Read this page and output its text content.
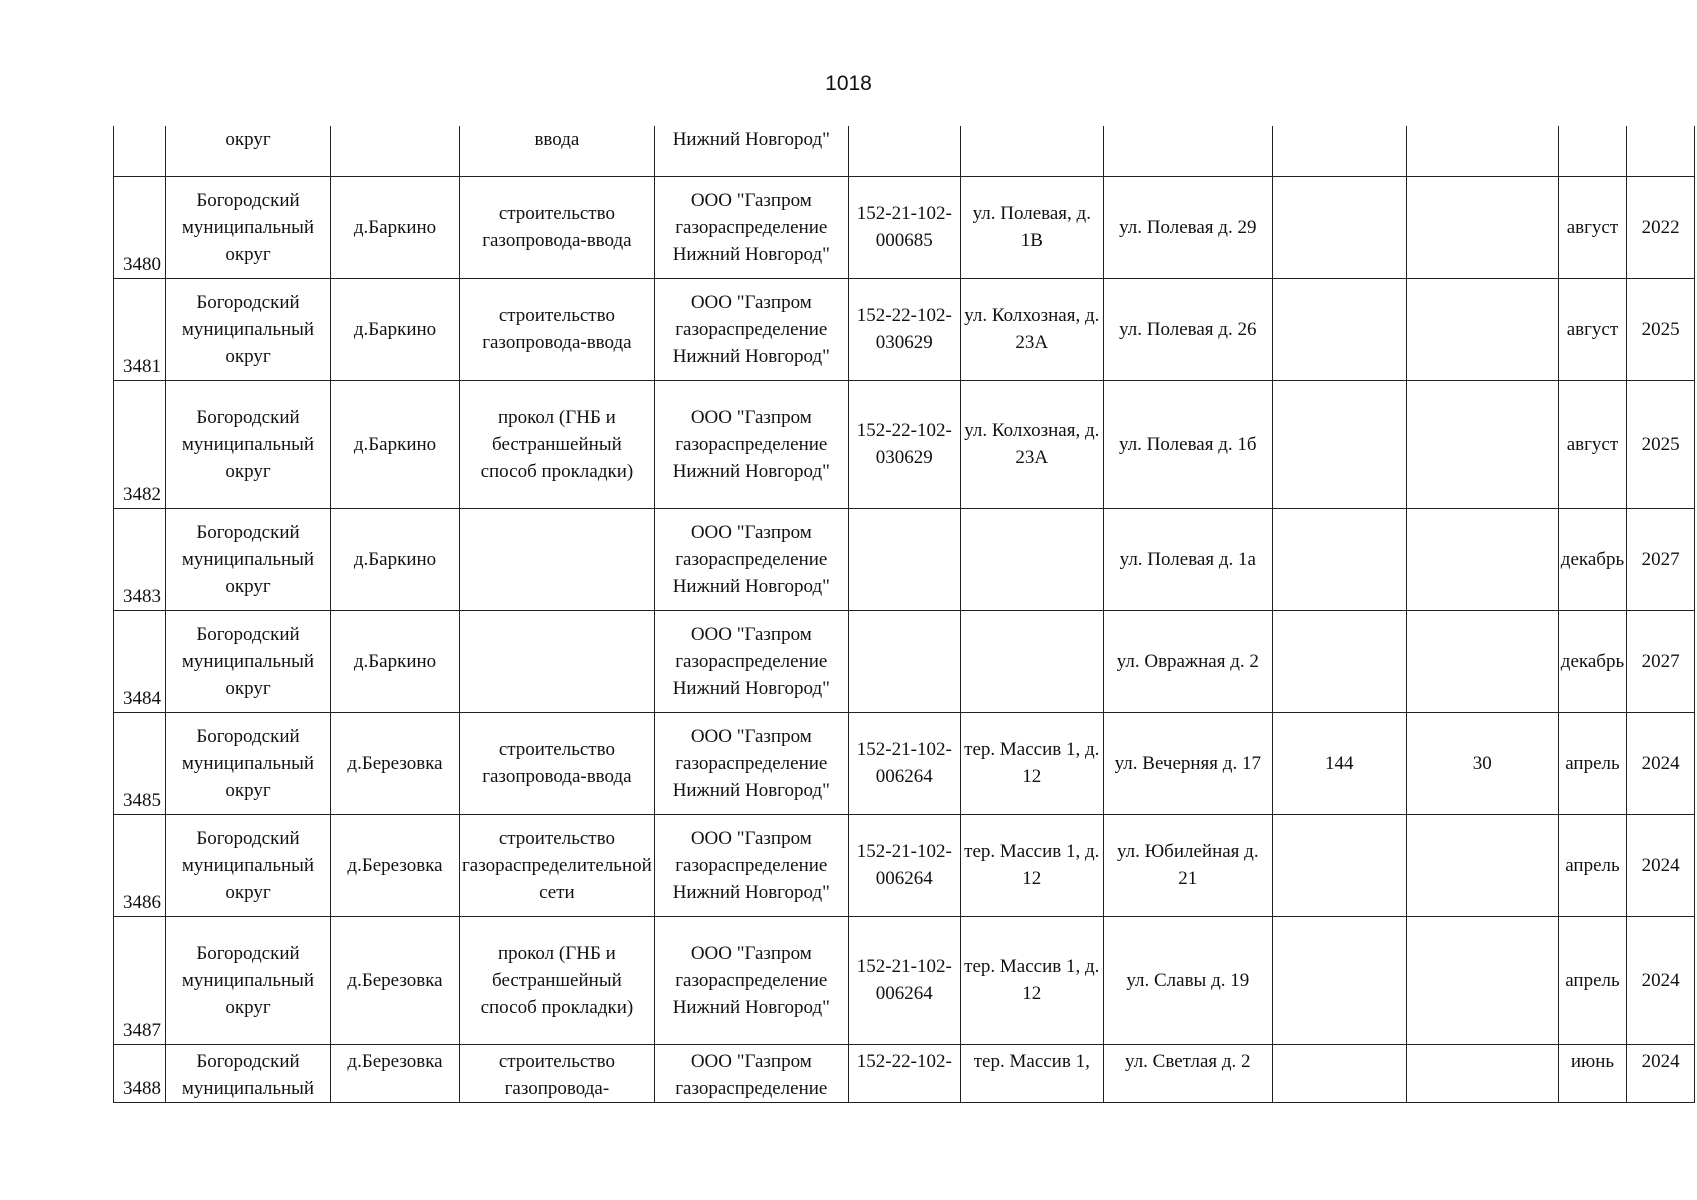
1018
	округ		ввода	Нижний Новгород"							
3480	Богородский муниципальный округ	д.Баркино	строительство газопровода-ввода	ООО "Газпром газораспределение Нижний Новгород"	152-21-102-000685	ул. Полевая, д. 1В	ул. Полевая д. 29			август	2022
3481	Богородский муниципальный округ	д.Баркино	строительство газопровода-ввода	ООО "Газпром газораспределение Нижний Новгород"	152-22-102-030629	ул. Колхозная, д. 23А	ул. Полевая д. 26			август	2025
3482	Богородский муниципальный округ	д.Баркино	прокол (ГНБ и бестраншейный способ прокладки)	ООО "Газпром газораспределение Нижний Новгород"	152-22-102-030629	ул. Колхозная, д. 23А	ул. Полевая д. 1б			август	2025
3483	Богородский муниципальный округ	д.Баркино		ООО "Газпром газораспределение Нижний Новгород"			ул. Полевая д. 1а			декабрь	2027
3484	Богородский муниципальный округ	д.Баркино		ООО "Газпром газораспределение Нижний Новгород"			ул. Овражная д. 2			декабрь	2027
3485	Богородский муниципальный округ	д.Березовка	строительство газопровода-ввода	ООО "Газпром газораспределение Нижний Новгород"	152-21-102-006264	тер. Массив 1, д. 12	ул. Вечерняя д. 17	144	30	апрель	2024
3486	Богородский муниципальный округ	д.Березовка	строительство газораспределительной сети	ООО "Газпром газораспределение Нижний Новгород"	152-21-102-006264	тер. Массив 1, д. 12	ул. Юбилейная д. 21			апрель	2024
3487	Богородский муниципальный округ	д.Березовка	прокол (ГНБ и бестраншейный способ прокладки)	ООО "Газпром газораспределение Нижний Новгород"	152-21-102-006264	тер. Массив 1, д. 12	ул. Славы д. 19			апрель	2024
3488	Богородский муниципальный	д.Березовка	строительство газопровода-	ООО "Газпром газораспределение	152-22-102-	тер. Массив 1,	ул. Светлая д. 2			июнь	2024
